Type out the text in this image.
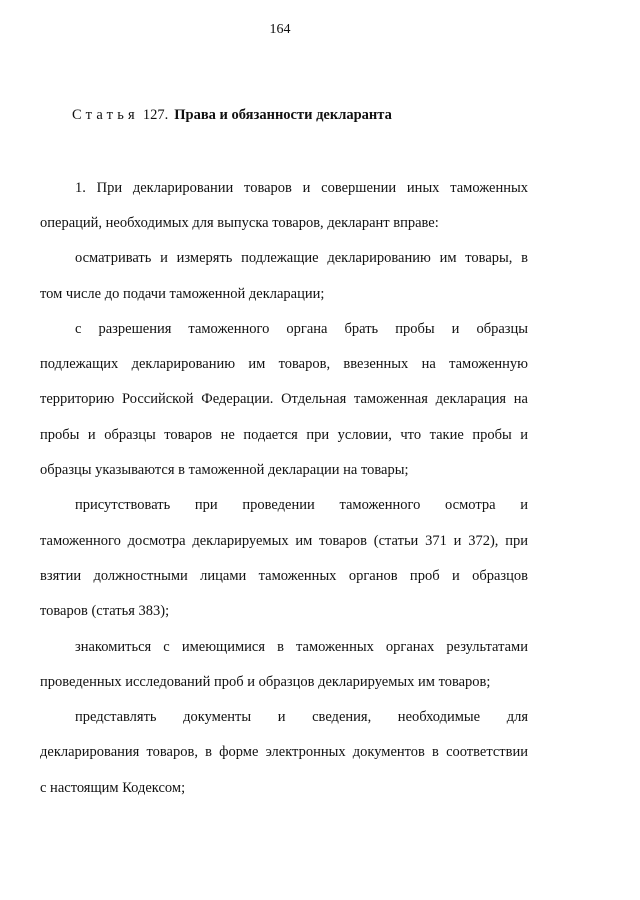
164
Статья 127. Права и обязанности декларанта
1. При декларировании товаров и совершении иных таможенных
операций, необходимых для выпуска товаров, декларант вправе:
осматривать и измерять подлежащие декларированию им товары, в
том числе до подачи таможенной декларации;
с разрешения таможенного органа брать пробы и образцы
подлежащих декларированию им товаров, ввезенных на таможенную
территорию Российской Федерации. Отдельная таможенная декларация на
пробы и образцы товаров не подается при условии, что такие пробы и
образцы указываются в таможенной декларации на товары;
присутствовать при проведении таможенного осмотра и
таможенного досмотра декларируемых им товаров (статьи 371 и 372), при
взятии должностными лицами таможенных органов проб и образцов
товаров (статья 383);
знакомиться с имеющимися в таможенных органах результатами
проведенных исследований проб и образцов декларируемых им товаров;
представлять документы и сведения, необходимые для
декларирования товаров, в форме электронных документов в соответствии
с настоящим Кодексом;
